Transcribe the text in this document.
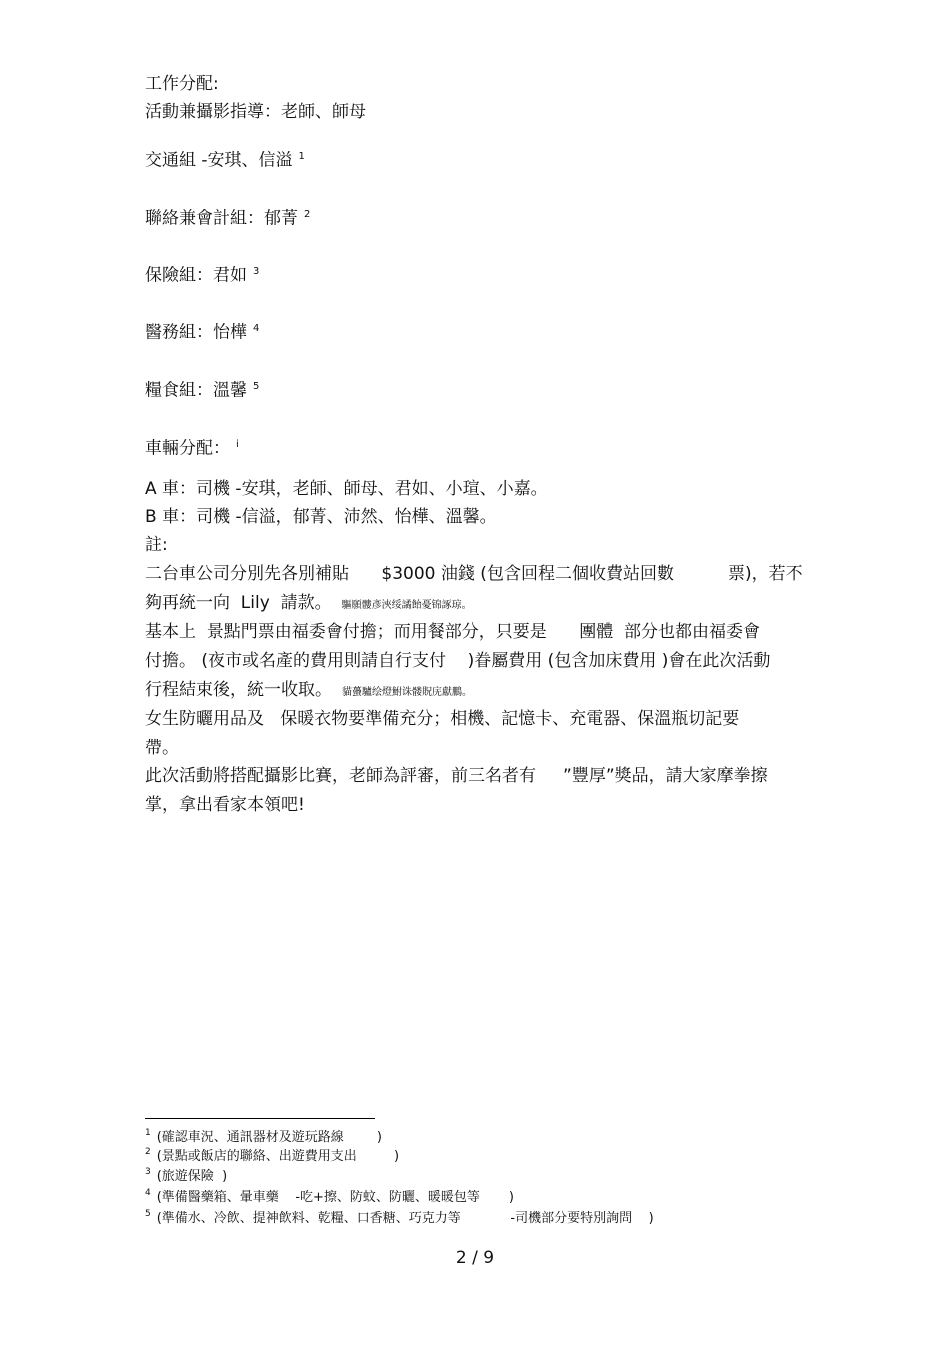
工作分配:
活動兼攝影指導：老師、師母
交通組 -安琪、信溢 $^1$
聯絡兼會計組：郁菁 $^2$
保險組：君如 $^3$
醫務組：怡樺 $^4$
糧食組：溫馨 $^5$
車輛分配： $^i$
A 車：司機 -安琪，老師、師母、君如、小瑄、小嘉。
B 車：司機 -信溢，郁菁、沛然、怡樺、溫馨。
註:
二台車公司分別先各別補貼      $3000 油錢 (包含回程二個收費站回數          票)，若不
夠再統一向  Lily  請款。 驅願髏彥浹绥譎飴憂锦諑琼。
基本上  景點門票由福委會付擔；而用餐部分，只要是      團體  部分也都由福委會
付擔。 (夜市或名產的費用則請自行支付    )眷屬費用 (包含加床費用 )會在此次活動
行程結束後，統一收取。 貓蠆驢绘燈鮒诛髅貺庑獻鵬。
女生防曬用品及   保暖衣物要準備充分；相機、記憶卡、充電器、保溫瓶切記要
帶。
此次活動將搭配攝影比賽，老師為評審，前三名者有     ”豐厚”獎品，請大家摩拳擦
掌，拿出看家本領吧!
$^1$ (確認車況、通訊器材及遊玩路線        )
$^2$ (景點或飯店的聯絡、出遊費用支出         )
$^3$ (旅遊保險  )
$^4$ (準備醫藥箱、暈車藥    -吃+擦、防蚊、防曬、暖暖包等       )
$^5$ (準備水、冷飲、提神飲料、乾糧、口香糖、巧克力等            -司機部分要特別詢問    )
2 / 9
